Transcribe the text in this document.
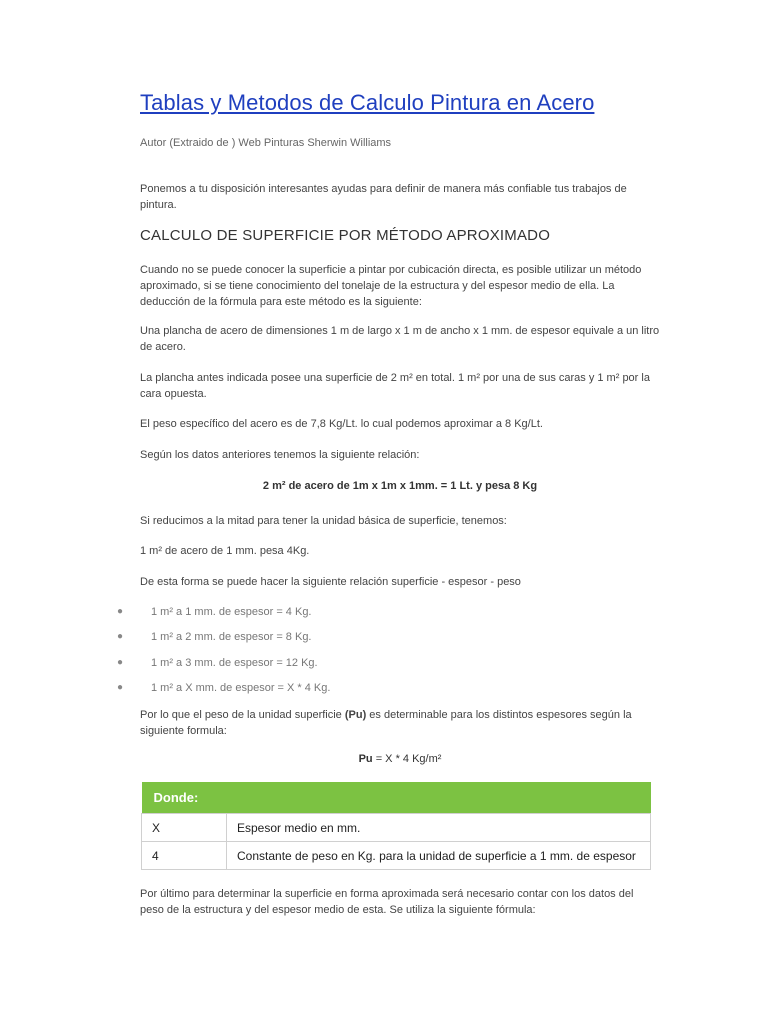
Tablas y Metodos de Calculo Pintura en Acero
Autor (Extraido de ) Web Pinturas Sherwin Williams

Ponemos a tu disposición interesantes ayudas para definir de manera más confiable tus trabajos de pintura.

CALCULO DE SUPERFICIE POR MÉTODO APROXIMADO

Cuando no se puede conocer la superficie a pintar por cubicación directa, es posible utilizar un método aproximado, si se tiene conocimiento del tonelaje de la estructura y del espesor medio de ella. La deducción de la fórmula para este método es la siguiente:

Una plancha de acero de dimensiones 1 m de largo x 1 m de ancho x 1 mm. de espesor equivale a un litro de acero.

La plancha antes indicada posee una superficie de 2 m² en total. 1 m² por una de sus caras y 1 m² por la cara opuesta.

El peso específico del acero es de 7,8 Kg/Lt. lo cual podemos aproximar a 8 Kg/Lt.

Según los datos anteriores tenemos la siguiente relación:

2 m² de acero de 1m x 1m x 1mm. = 1 Lt. y pesa 8 Kg

Si reducimos a la mitad para tener la unidad básica de superficie, tenemos:

1 m² de acero de 1 mm. pesa 4Kg.

De esta forma se puede hacer la siguiente relación superficie - espesor - peso

●	1 m² a 1 mm. de espesor = 4 Kg.
●	1 m² a 2 mm. de espesor = 8 Kg.
●	1 m² a 3 mm. de espesor = 12 Kg.
●	1 m² a X mm. de espesor = X * 4 Kg.

Por lo que el peso de la unidad superficie (Pu) es determinable para los distintos espesores según la siguiente formula:

Pu = X * 4 Kg/m²
Donde:	
X	Espesor medio en mm.
4	Constante de peso en Kg. para la unidad de superficie a 1 mm. de espesor

Por último para determinar la superficie en forma aproximada será necesario contar con los datos del peso de la estructura y del espesor medio de esta. Se utiliza la siguiente fórmula:
